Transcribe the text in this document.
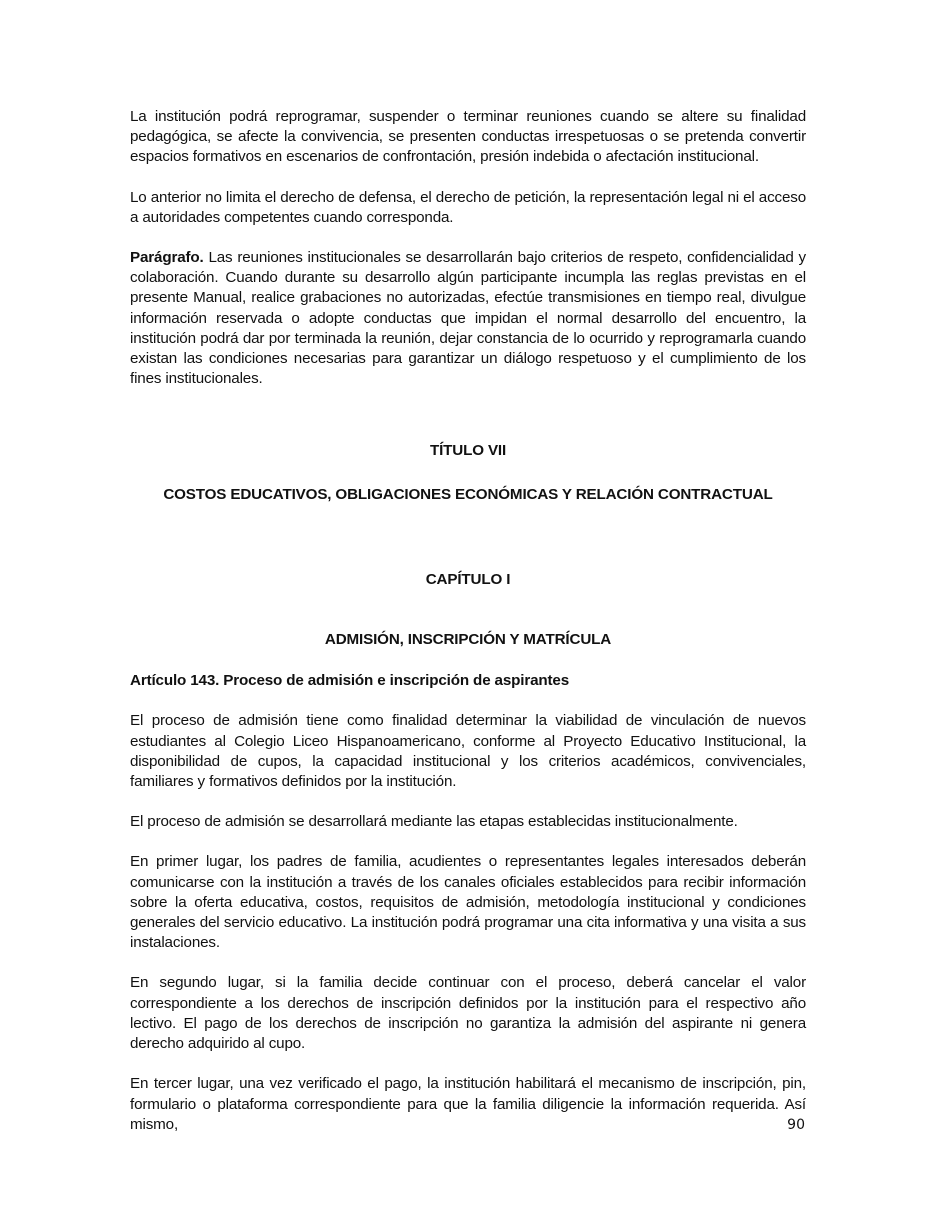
La institución podrá reprogramar, suspender o terminar reuniones cuando se altere su finalidad pedagógica, se afecte la convivencia, se presenten conductas irrespetuosas o se pretenda convertir espacios formativos en escenarios de confrontación, presión indebida o afectación institucional.

Lo anterior no limita el derecho de defensa, el derecho de petición, la representación legal ni el acceso a autoridades competentes cuando corresponda.

Parágrafo. Las reuniones institucionales se desarrollarán bajo criterios de respeto, confidencialidad y colaboración. Cuando durante su desarrollo algún participante incumpla las reglas previstas en el presente Manual, realice grabaciones no autorizadas, efectúe transmisiones en tiempo real, divulgue información reservada o adopte conductas que impidan el normal desarrollo del encuentro, la institución podrá dar por terminada la reunión, dejar constancia de lo ocurrido y reprogramarla cuando existan las condiciones necesarias para garantizar un diálogo respetuoso y el cumplimiento de los fines institucionales.

TÍTULO VII
COSTOS EDUCATIVOS, OBLIGACIONES ECONÓMICAS Y RELACIÓN CONTRACTUAL
CAPÍTULO I
ADMISIÓN, INSCRIPCIÓN Y MATRÍCULA
Artículo 143. Proceso de admisión e inscripción de aspirantes

El proceso de admisión tiene como finalidad determinar la viabilidad de vinculación de nuevos estudiantes al Colegio Liceo Hispanoamericano, conforme al Proyecto Educativo Institucional, la disponibilidad de cupos, la capacidad institucional y los criterios académicos, convivenciales, familiares y formativos definidos por la institución.

El proceso de admisión se desarrollará mediante las etapas establecidas institucionalmente.

En primer lugar, los padres de familia, acudientes o representantes legales interesados deberán comunicarse con la institución a través de los canales oficiales establecidos para recibir información sobre la oferta educativa, costos, requisitos de admisión, metodología institucional y condiciones generales del servicio educativo. La institución podrá programar una cita informativa y una visita a sus instalaciones.

En segundo lugar, si la familia decide continuar con el proceso, deberá cancelar el valor correspondiente a los derechos de inscripción definidos por la institución para el respectivo año lectivo. El pago de los derechos de inscripción no garantiza la admisión del aspirante ni genera derecho adquirido al cupo.

En tercer lugar, una vez verificado el pago, la institución habilitará el mecanismo de inscripción, pin, formulario o plataforma correspondiente para que la familia diligencie la información requerida. Así mismo,	90
